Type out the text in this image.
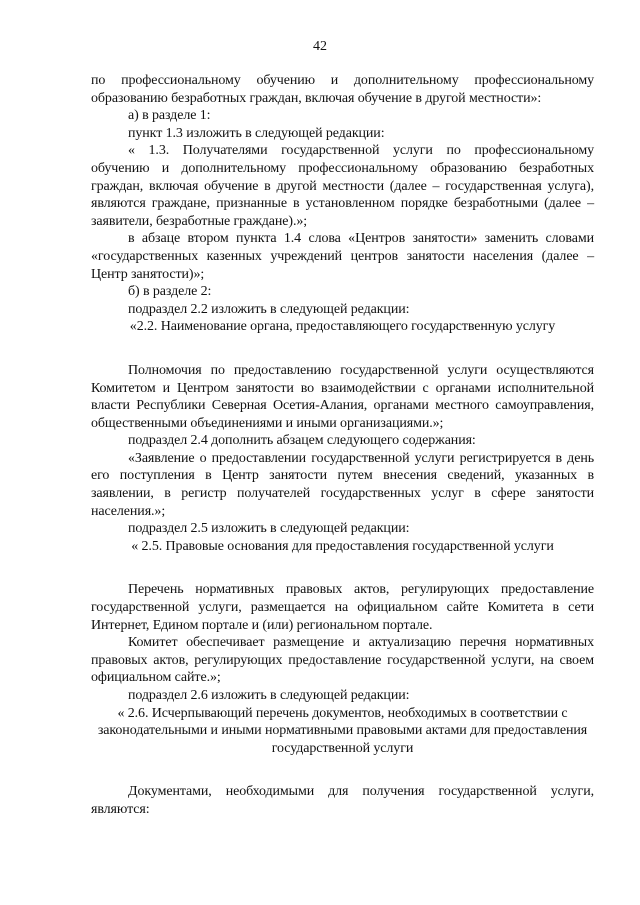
42

по профессиональному обучению и дополнительному профессиональному образованию безработных граждан, включая обучение в другой местности»:

а) в разделе 1:

пункт 1.3 изложить в следующей редакции:

« 1.3. Получателями государственной услуги по профессиональному обучению и дополнительному профессиональному образованию безработных граждан, включая обучение в другой местности (далее – государственная услуга), являются граждане, признанные в установленном порядке безработными (далее – заявители, безработные граждане).»;

в абзаце втором пункта 1.4 слова «Центров занятости» заменить словами «государственных казенных учреждений центров занятости населения (далее – Центр занятости)»;

б) в разделе 2:

подраздел 2.2 изложить в следующей редакции:

«2.2. Наименование органа, предоставляющего государственную услугу

Полномочия по предоставлению государственной услуги осуществляются Комитетом и Центром занятости во взаимодействии с органами исполнительной власти Республики Северная Осетия-Алания, органами местного самоуправления, общественными объединениями и иными организациями.»;

подраздел 2.4 дополнить абзацем следующего содержания:

«Заявление о предоставлении государственной услуги регистрируется в день его поступления в Центр занятости путем внесения сведений, указанных в заявлении, в регистр получателей государственных услуг в сфере занятости населения.»;

подраздел 2.5 изложить в следующей редакции:

« 2.5. Правовые основания для предоставления государственной услуги

Перечень нормативных правовых актов, регулирующих предоставление государственной услуги, размещается на официальном сайте Комитета в сети Интернет, Едином портале и (или) региональном портале.

Комитет обеспечивает размещение и актуализацию перечня нормативных правовых актов, регулирующих предоставление государственной услуги, на своем официальном сайте.»;

подраздел 2.6 изложить в следующей редакции:

« 2.6. Исчерпывающий перечень документов, необходимых в соответствии с законодательными и иными нормативными правовыми актами для предоставления государственной услуги

Документами, необходимыми для получения государственной услуги, являются:
